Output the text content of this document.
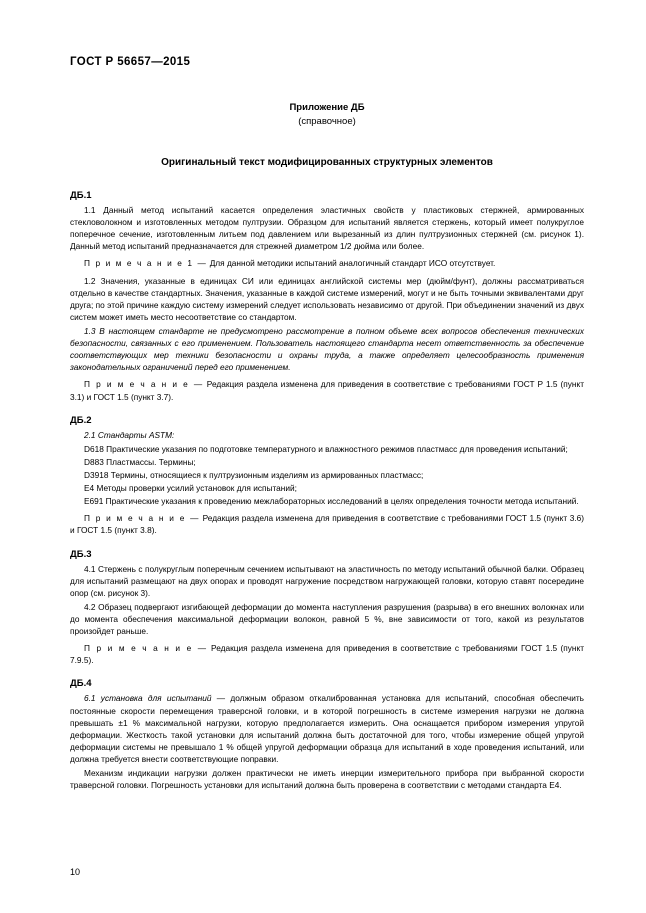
ГОСТ Р 56657—2015
Приложение ДБ
(справочное)
Оригинальный текст модифицированных структурных элементов
ДБ.1

1.1 Данный метод испытаний касается определения эластичных свойств у пластиковых стержней, армированных стекловолокном и изготовленных методом пултрузии. Образцом для испытаний является стержень, который имеет полукруглое поперечное сечение, изготовленным литьем под давлением или вырезанный из длин пултрузионных стержней (см. рисунок 1). Данный метод испытаний предназначается для стрежней диаметром 1/2 дюйма или более.

П р и м е ч а н и е 1 — Для данной методики испытаний аналогичный стандарт ИСО отсутствует.

1.2 Значения, указанные в единицах СИ или единицах английской системы мер (дюйм/фунт), должны рассматриваться отдельно в качестве стандартных. Значения, указанные в каждой системе измерений, могут и не быть точными эквивалентами друг друга; по этой причине каждую систему измерений следует использовать независимо от другой. При объединении значений из двух систем может иметь место несоответствие со стандартом.

1.3 В настоящем стандарте не предусмотрено рассмотрение в полном объеме всех вопросов обеспечения технических безопасности, связанных с его применением. Пользователь настоящего стандарта несет ответственность за обеспечение соответствующих мер техники безопасности и охраны труда, а также определяет целесообразность применения законодательных ограничений перед его применением.

П р и м е ч а н и е — Редакция раздела изменена для приведения в соответствие с требованиями ГОСТ Р 1.5 (пункт 3.1) и ГОСТ 1.5 (пункт 3.7).
ДБ.2

2.1 Стандарты ASTM:

D618 Практические указания по подготовке температурного и влажностного режимов пластмасс для проведения испытаний;

D883 Пластмассы. Термины;

D3918 Термины, относящиеся к пултрузионным изделиям из армированных пластмасс;

Е4 Методы проверки усилий установок для испытаний;

Е691 Практические указания к проведению межлабораторных исследований в целях определения точности метода испытаний.

П р и м е ч а н и е — Редакция раздела изменена для приведения в соответствие с требованиями ГОСТ 1.5 (пункт 3.6) и ГОСТ 1.5 (пункт 3.8).
ДБ.3

4.1 Стержень с полукруглым поперечным сечением испытывают на эластичность по методу испытаний обычной балки. Образец для испытаний размещают на двух опорах и проводят нагружение посредством нагружающей головки, которую ставят посередине опор (см. рисунок 3).

4.2 Образец подвергают изгибающей деформации до момента наступления разрушения (разрыва) в его внешних волокнах или до момента обеспечения максимальной деформации волокон, равной 5 %, вне зависимости от того, какой из результатов произойдет раньше.

П р и м е ч а н и е — Редакция раздела изменена для приведения в соответствие с требованиями ГОСТ 1.5 (пункт 7.9.5).
ДБ.4

6.1 установка для испытаний — должным образом откалиброванная установка для испытаний, способная обеспечить постоянные скорости перемещения траверсной головки, и в которой погрешность в системе измерения нагрузки не должна превышать ±1 % максимальной нагрузки, которую предполагается измерить. Она оснащается прибором измерения упругой деформации. Жесткость такой установки для испытаний должна быть достаточной для того, чтобы измерение общей упругой деформации системы не превышало 1 % общей упругой деформации образца для испытаний в ходе проведения испытаний, или должна требуется внести соответствующие поправки.

Механизм индикации нагрузки должен практически не иметь инерции измерительного прибора при выбранной скорости траверсной головки. Погрешность установки для испытаний должна быть проверена в соответствии с методами стандарта Е4.

10
